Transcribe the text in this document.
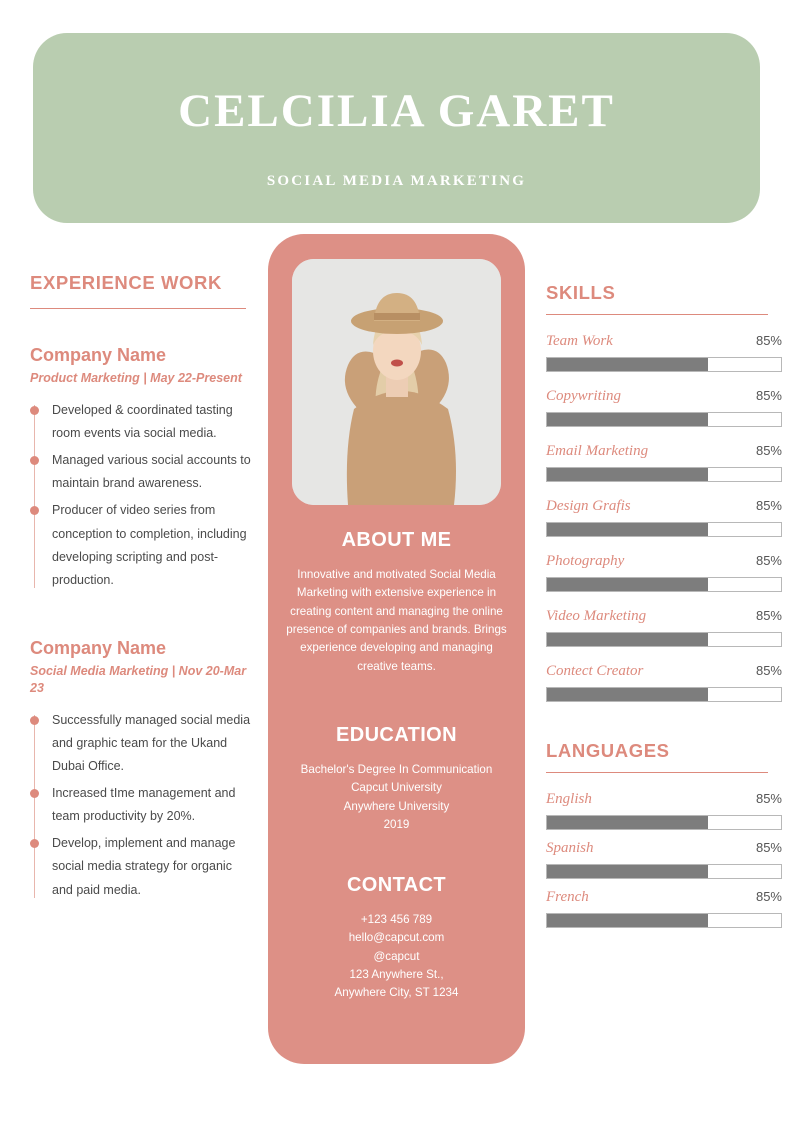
CELCILIA GARET
SOCIAL MEDIA MARKETING
EXPERIENCE WORK
Company Name
Product Marketing | May 22-Present
Developed & coordinated tasting room events via social media.
Managed various social accounts to maintain brand awareness.
Producer of video series from conception to completion, including developing scripting and post-production.
Company Name
Social Media Marketing | Nov 20-Mar 23
Successfully managed social media and graphic team for the Ukand Dubai Office.
Increased tIme management and team productivity by 20%.
Develop, implement and manage social media strategy for organic and paid media.
ABOUT ME

Innovative and motivated Social Media Marketing with extensive experience in creating content and managing the online presence of companies and brands. Brings experience developing and managing creative teams.

EDUCATION
Bachelor's Degree In Communication
Capcut University
Anywhere University
2019
CONTACT
+123 456 789
hello@capcut.com
@capcut
123 Anywhere St.,
Anywhere City, ST 1234
SKILLS
Team Work	85%
Copywriting	85%
Email Marketing	85%
Design Grafis	85%
Photography	85%
Video Marketing	85%
Contect Creator	85%
LANGUAGES
English	85%
Spanish	85%
French	85%
